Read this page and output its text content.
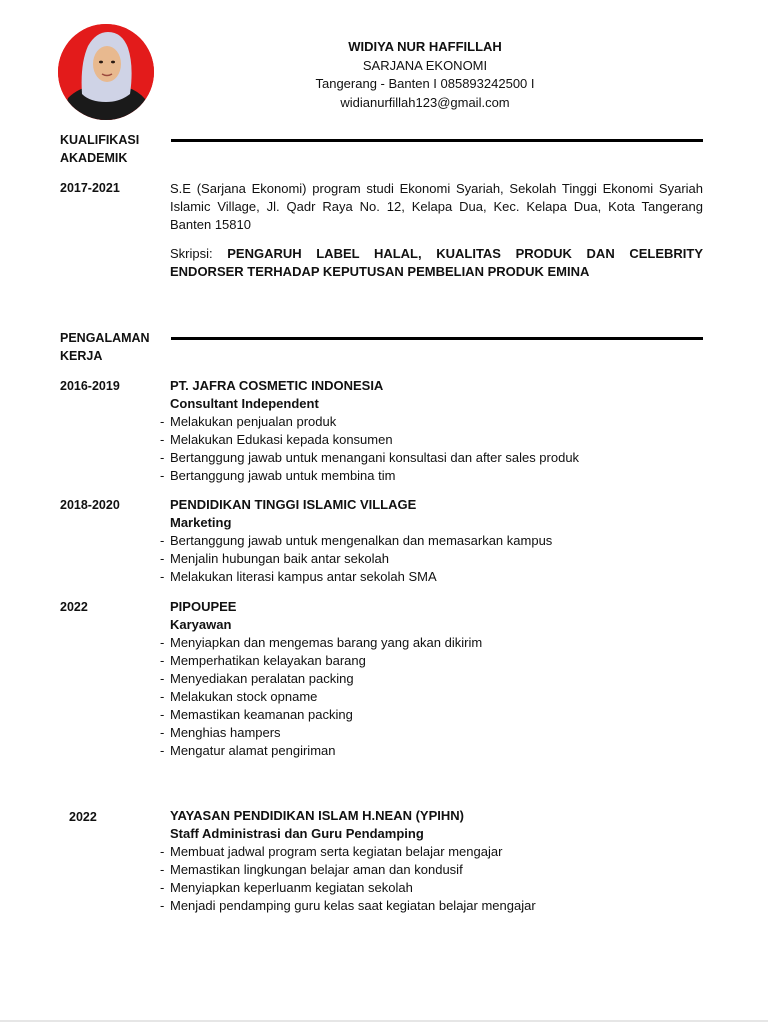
WIDIYA NUR HAFFILLAH
SARJANA EKONOMI
Tangerang - Banten I 085893242500 I
widianurfillah123@gmail.com
KUALIFIKASI
AKADEMIK
2017-2021	S.E (Sarjana Ekonomi) program studi Ekonomi Syariah, Sekolah Tinggi Ekonomi Syariah Islamic Village, Jl. Qadr Raya No. 12, Kelapa Dua, Kec. Kelapa Dua, Kota Tangerang Banten 15810
Skripsi: PENGARUH LABEL HALAL, KUALITAS PRODUK DAN CELEBRITY ENDORSER TERHADAP KEPUTUSAN PEMBELIAN PRODUK EMINA
PENGALAMAN
KERJA
2016-2019	PT. JAFRA COSMETIC INDONESIA
Consultant Independent
- Melakukan penjualan produk
- Melakukan Edukasi kepada konsumen
- Bertanggung jawab untuk menangani konsultasi dan after sales produk
- Bertanggung jawab untuk membina tim
2018-2020	PENDIDIKAN TINGGI ISLAMIC VILLAGE
Marketing
- Bertanggung jawab untuk mengenalkan dan memasarkan kampus
- Menjalin hubungan baik antar sekolah
- Melakukan literasi kampus antar sekolah SMA
2022	PIPOUPEE
Karyawan
- Menyiapkan dan mengemas barang yang akan dikirim
- Memperhatikan kelayakan barang
- Menyediakan peralatan packing
- Melakukan stock opname
- Memastikan keamanan packing
- Menghias hampers
- Mengatur alamat pengiriman
2022	YAYASAN PENDIDIKAN ISLAM H.NEAN (YPIHN)
Staff Administrasi dan Guru Pendamping
- Membuat jadwal program serta kegiatan belajar mengajar
- Memastikan lingkungan belajar aman dan kondusif
- Menyiapkan keperluanm kegiatan sekolah
- Menjadi pendamping guru kelas saat kegiatan belajar mengajar
